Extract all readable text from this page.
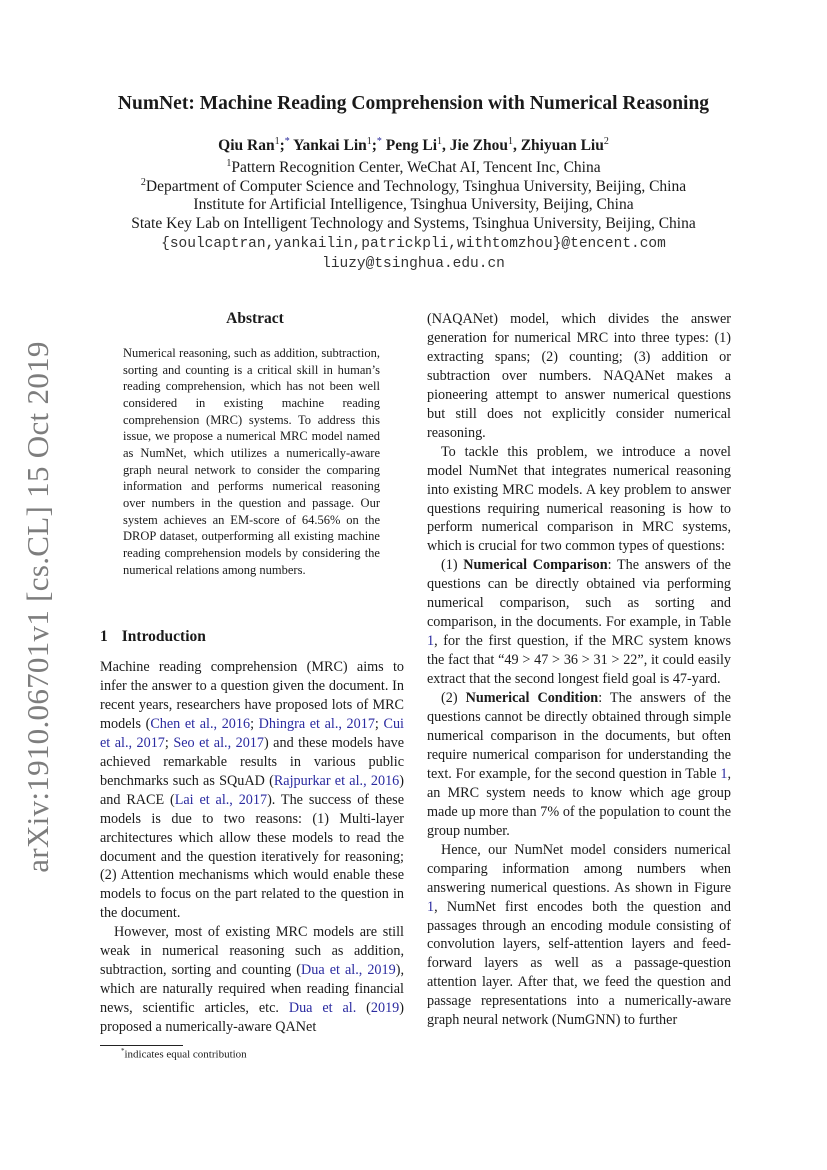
arXiv:1910.06701v1 [cs.CL] 15 Oct 2019
NumNet: Machine Reading Comprehension with Numerical Reasoning
Qiu Ran$^1$;* Yankai Lin$^1$;* Peng Li$^1$, Jie Zhou$^1$, Zhiyuan Liu$^2$
$^1$Pattern Recognition Center, WeChat AI, Tencent Inc, China
$^2$Department of Computer Science and Technology, Tsinghua University, Beijing, China
Institute for Artificial Intelligence, Tsinghua University, Beijing, China
State Key Lab on Intelligent Technology and Systems, Tsinghua University, Beijing, China
{soulcaptran,yankailin,patrickpli,withtomzhou}@tencent.com
liuzy@tsinghua.edu.cn
Abstract
Numerical reasoning, such as addition, subtraction, sorting and counting is a critical skill in human’s reading comprehension, which has not been well considered in existing machine reading comprehension (MRC) systems. To address this issue, we propose a numerical MRC model named as NumNet, which utilizes a numerically-aware graph neural network to consider the comparing information and performs numerical reasoning over numbers in the question and passage. Our system achieves an EM-score of 64.56% on the DROP dataset, outperforming all existing machine reading comprehension models by considering the numerical relations among numbers.
1 Introduction

Machine reading comprehension (MRC) aims to infer the answer to a question given the document. In recent years, researchers have proposed lots of MRC models (Chen et al., 2016; Dhingra et al., 2017; Cui et al., 2017; Seo et al., 2017) and these models have achieved remarkable results in various public benchmarks such as SQuAD (Rajpurkar et al., 2016) and RACE (Lai et al., 2017). The success of these models is due to two reasons: (1) Multi-layer architectures which allow these models to read the document and the question iteratively for reasoning; (2) Attention mechanisms which would enable these models to focus on the part related to the question in the document.

However, most of existing MRC models are still weak in numerical reasoning such as addition, subtraction, sorting and counting (Dua et al., 2019), which are naturally required when reading financial news, scientific articles, etc. Dua et al. (2019) proposed a numerically-aware QANet

*indicates equal contribution

(NAQANet) model, which divides the answer generation for numerical MRC into three types: (1) extracting spans; (2) counting; (3) addition or subtraction over numbers. NAQANet makes a pioneering attempt to answer numerical questions but still does not explicitly consider numerical reasoning.

To tackle this problem, we introduce a novel model NumNet that integrates numerical reasoning into existing MRC models. A key problem to answer questions requiring numerical reasoning is how to perform numerical comparison in MRC systems, which is crucial for two common types of questions:

(1) Numerical Comparison: The answers of the questions can be directly obtained via performing numerical comparison, such as sorting and comparison, in the documents. For example, in Table 1, for the first question, if the MRC system knows the fact that “49 > 47 > 36 > 31 > 22”, it could easily extract that the second longest field goal is 47-yard.

(2) Numerical Condition: The answers of the questions cannot be directly obtained through simple numerical comparison in the documents, but often require numerical comparison for understanding the text. For example, for the second question in Table 1, an MRC system needs to know which age group made up more than 7% of the population to count the group number.

Hence, our NumNet model considers numerical comparing information among numbers when answering numerical questions. As shown in Figure 1, NumNet first encodes both the question and passages through an encoding module consisting of convolution layers, self-attention layers and feed-forward layers as well as a passage-question attention layer. After that, we feed the question and passage representations into a numerically-aware graph neural network (NumGNN) to further
